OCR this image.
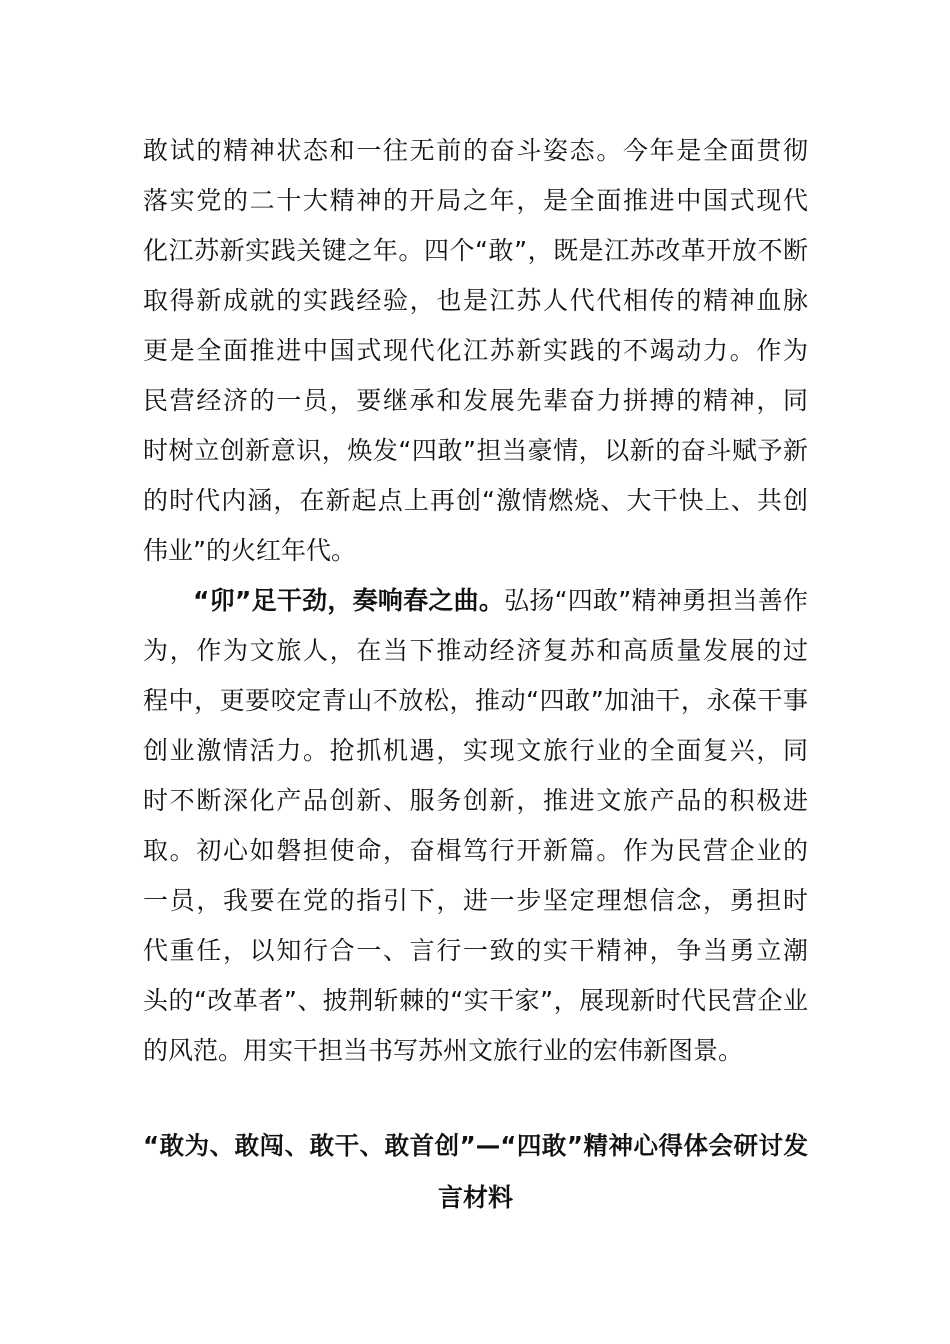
敢试的精神状态和一往无前的奋斗姿态。今年是全面贯彻
落实党的二十大精神的开局之年，是全面推进中国式现代
化江苏新实践关键之年。四个“敢”，既是江苏改革开放不断
取得新成就的实践经验，也是江苏人代代相传的精神血脉
更是全面推进中国式现代化江苏新实践的不竭动力。作为
民营经济的一员，要继承和发展先辈奋力拼搏的精神，同
时树立创新意识，焕发“四敢”担当豪情，以新的奋斗赋予新
的时代内涵，在新起点上再创“激情燃烧、大干快上、共创
伟业”的火红年代。
“卯”足干劲，奏响春之曲。弘扬“四敢”精神勇担当善作
为，作为文旅人，在当下推动经济复苏和高质量发展的过
程中，更要咬定青山不放松，推动“四敢”加油干，永葆干事
创业激情活力。抢抓机遇，实现文旅行业的全面复兴，同
时不断深化产品创新、服务创新，推进文旅产品的积极进
取。初心如磐担使命，奋楫笃行开新篇。作为民营企业的
一员，我要在党的指引下，进一步坚定理想信念，勇担时
代重任，以知行合一、言行一致的实干精神，争当勇立潮
头的“改革者”、披荆斩棘的“实干家”，展现新时代民营企业
的风范。用实干担当书写苏州文旅行业的宏伟新图景。
“敢为、敢闯、敢干、敢首创”—“四敢”精神心得体会研讨发
言材料
